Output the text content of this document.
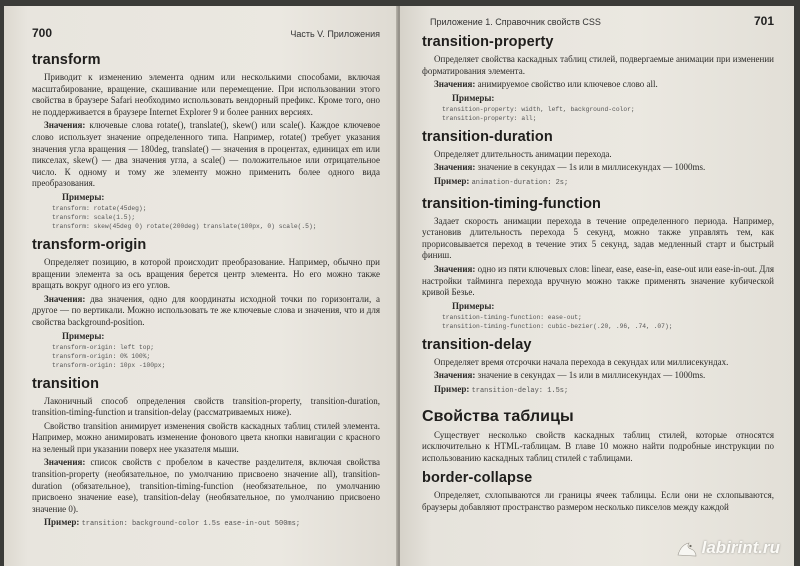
700	Часть V. Приложения
transform

Приводит к изменению элемента одним или несколькими способами, включая масштабирование, вращение, скашивание или перемещение. При использовании этого свойства в браузере Safari необходимо использовать вендорный префикс. Кроме того, оно не поддерживается в браузере Internet Explorer 9 и более ранних версиях.

Значения: ключевые слова rotate(), translate(), skew() или scale(). Каждое ключевое слово использует значение определенного типа. Например, rotate() требует указания значения угла вращения — 180deg, translate() — значения в процентах, единицах em или пикселах, skew() — два значения угла, a scale() — положительное или отрицательное число. К одному и тому же элементу можно применить более одного вида преобразования.

Примеры:
transform: rotate(45deg);
transform: scale(1.5);
transform: skew(45deg 0) rotate(200deg) translate(100px, 0) scale(.5);
transform-origin

Определяет позицию, в которой происходит преобразование. Например, обычно при вращении элемента за ось вращения берется центр элемента. Но его можно также вращать вокруг одного из его углов.

Значения: два значения, одно для координаты исходной точки по горизонтали, а другое — по вертикали. Можно использовать те же ключевые слова и значения, что и для свойства background-position.

Примеры:
transform-origin: left top;
transform-origin: 0% 100%;
transform-origin: 10px -100px;
transition

Лаконичный способ определения свойств transition-property, transition-duration, transition-timing-function и transition-delay (рассматриваемых ниже).

Свойство transition анимирует изменения свойств каскадных таблиц стилей элемента. Например, можно анимировать изменение фонового цвета кнопки навигации с красного на зеленый при указании поверх нее указателя мыши.

Значения: список свойств с пробелом в качестве разделителя, включая свойства transition-property (необязательное, по умолчанию присвоено значение all), transition-duration (обязательное), transition-timing-function (необязательное, по умолчанию присвоено значение ease), transition-delay (необязательное, по умолчанию присвоено значение 0).

Пример: transition: background-color 1.5s ease-in-out 500ms;

Приложение 1. Справочник свойств CSS	701
transition-property

Определяет свойства каскадных таблиц стилей, подвергаемые анимации при изменении форматирования элемента.

Значения: анимируемое свойство или ключевое слово all.

Примеры:
transition-property: width, left, background-color;
transition-property: all;
transition-duration

Определяет длительность анимации перехода.

Значения: значение в секундах — 1s или в миллисекундах — 1000ms.

Пример: animation-duration: 2s;

transition-timing-function

Задает скорость анимации перехода в течение определенного периода. Например, установив длительность перехода 5 секунд, можно также управлять тем, как прорисовывается переход в течение этих 5 секунд, задав медленный старт и быстрый финиш.

Значения: одно из пяти ключевых слов: linear, ease, ease-in, ease-out или ease-in-out. Для настройки тайминга перехода вручную можно также применять значение кубической кривой Безье.

Примеры:
transition-timing-function: ease-out;
transition-timing-function: cubic-bezier(.20, .96, .74, .07);
transition-delay

Определяет время отсрочки начала перехода в секундах или миллисекундах.

Значения: значение в секундах — 1s или в миллисекундах — 1000ms.

Пример: transition-delay: 1.5s;

Свойства таблицы

Существует несколько свойств каскадных таблиц стилей, которые относятся исключительно к HTML-таблицам. В главе 10 можно найти подробные инструкции по использованию каскадных таблиц стилей с таблицами.

border-collapse

Определяет, схлопываются ли границы ячеек таблицы. Если они не схлопываются, браузеры добавляют пространство размером несколько пикселов между каждой

labirint.ru
